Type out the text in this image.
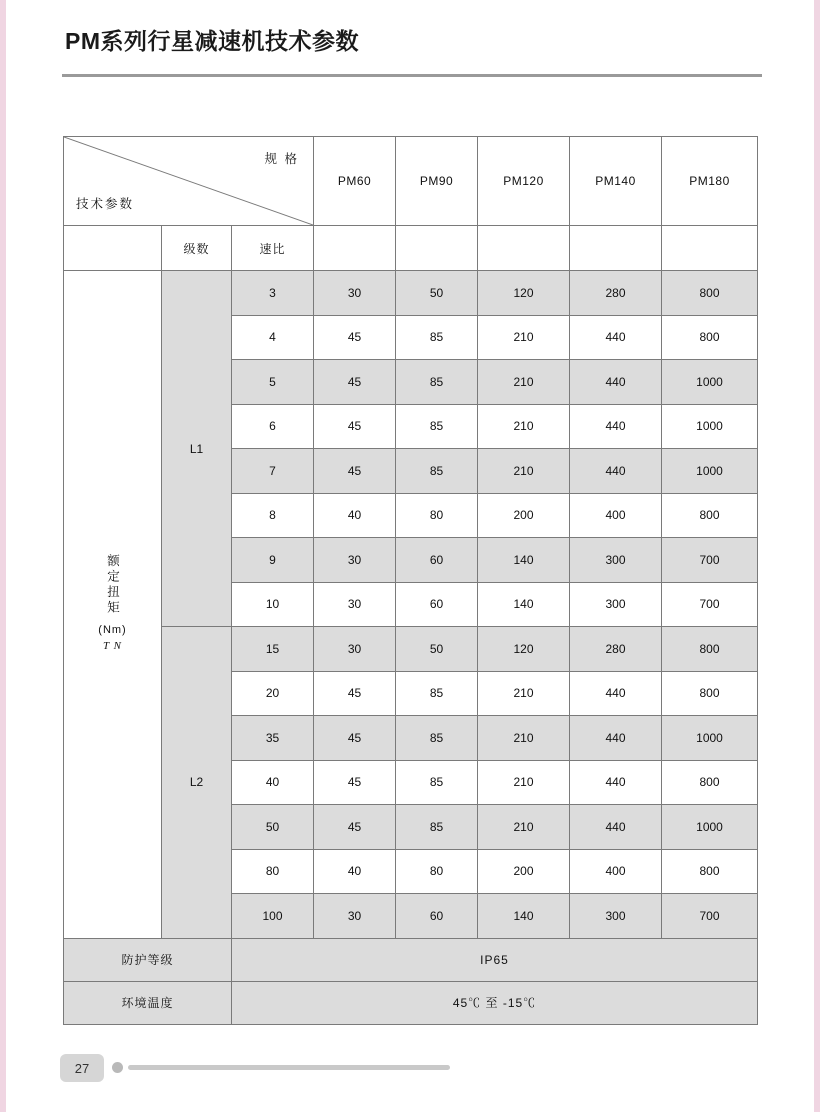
PM系列行星减速机技术参数
规 格
技术参数			PM60	PM90	PM120	PM140	PM180
	级数	速比					
额定扭矩
(Nm)
T N	L1	3	30	50	120	280	800
		4	45	85	210	440	800
		5	45	85	210	440	1000
		6	45	85	210	440	1000
		7	45	85	210	440	1000
		8	40	80	200	400	800
		9	30	60	140	300	700
		10	30	60	140	300	700
	L2	15	30	50	120	280	800
		20	45	85	210	440	800
		35	45	85	210	440	1000
		40	45	85	210	440	800
		50	45	85	210	440	1000
		80	40	80	200	400	800
		100	30	60	140	300	700
防护等级		IP65					
环境温度		45℃ 至 -15℃					
27
